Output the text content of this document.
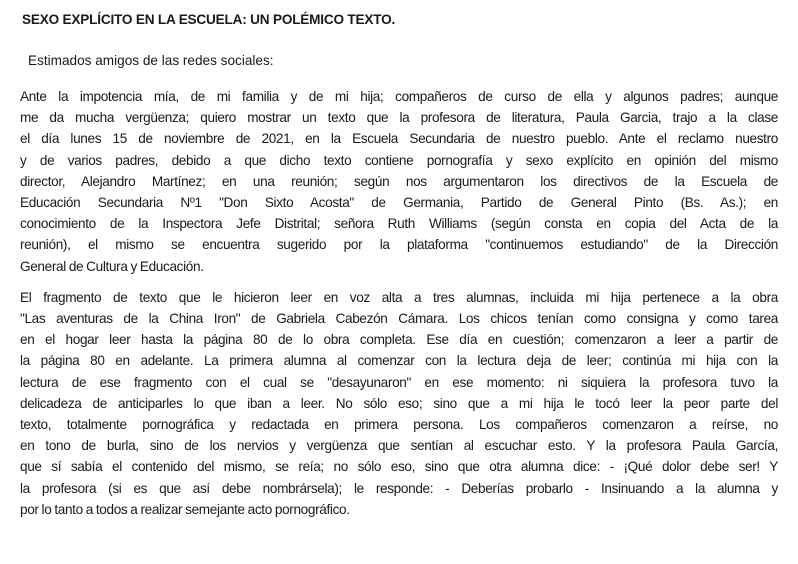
SEXO EXPLÍCITO EN LA ESCUELA: UN POLÉMICO TEXTO.

Estimados amigos de las redes sociales:

Ante la impotencia mía, de mi familia y de mi hija; compañeros de curso de ella y algunos padres; aunque
me da mucha vergüenza; quiero mostrar un texto que la profesora de literatura, Paula Garcia, trajo a la clase
el día lunes 15 de noviembre de 2021, en la Escuela Secundaria de nuestro pueblo. Ante el reclamo nuestro
y de varios padres, debido a que dicho texto contiene pornografía y sexo explícito en opinión del mismo
director, Alejandro Martínez; en una reunión; según nos argumentaron los directivos de la Escuela de
Educación Secundaria Nº1 "Don Sixto Acosta" de Germania, Partido de General Pinto (Bs. As.); en
conocimiento de la Inspectora Jefe Distrital; señora Ruth Williams (según consta en copia del Acta de la
reunión), el mismo se encuentra sugerido por la plataforma "continuemos estudiando" de la Dirección
General de Cultura y Educación.

El fragmento de texto que le hicieron leer en voz alta a tres alumnas, incluida mi hija pertenece a la obra
"Las aventuras de la China Iron" de Gabriela Cabezón Cámara. Los chicos tenían como consigna y como tarea
en el hogar leer hasta la página 80 de lo obra completa. Ese día en cuestión; comenzaron a leer a partir de
la página 80 en adelante. La primera alumna al comenzar con la lectura deja de leer; continúa mi hija con la
lectura de ese fragmento con el cual se "desayunaron" en ese momento: ni siquiera la profesora tuvo la
delicadeza de anticiparles lo que iban a leer. No sólo eso; sino que a mi hija le tocó leer la peor parte del
texto, totalmente pornográfica y redactada en primera persona. Los compañeros comenzaron a reírse, no
en tono de burla, sino de los nervios y vergüenza que sentían al escuchar esto. Y la profesora Paula García,
que sí sabía el contenido del mismo, se reía; no sólo eso, sino que otra alumna dice: - ¡Qué dolor debe ser! Y
la profesora (si es que así debe nombrársela); le responde: - Deberías probarlo - Insinuando a la alumna y
por lo tanto a todos a realizar semejante acto pornográfico.
